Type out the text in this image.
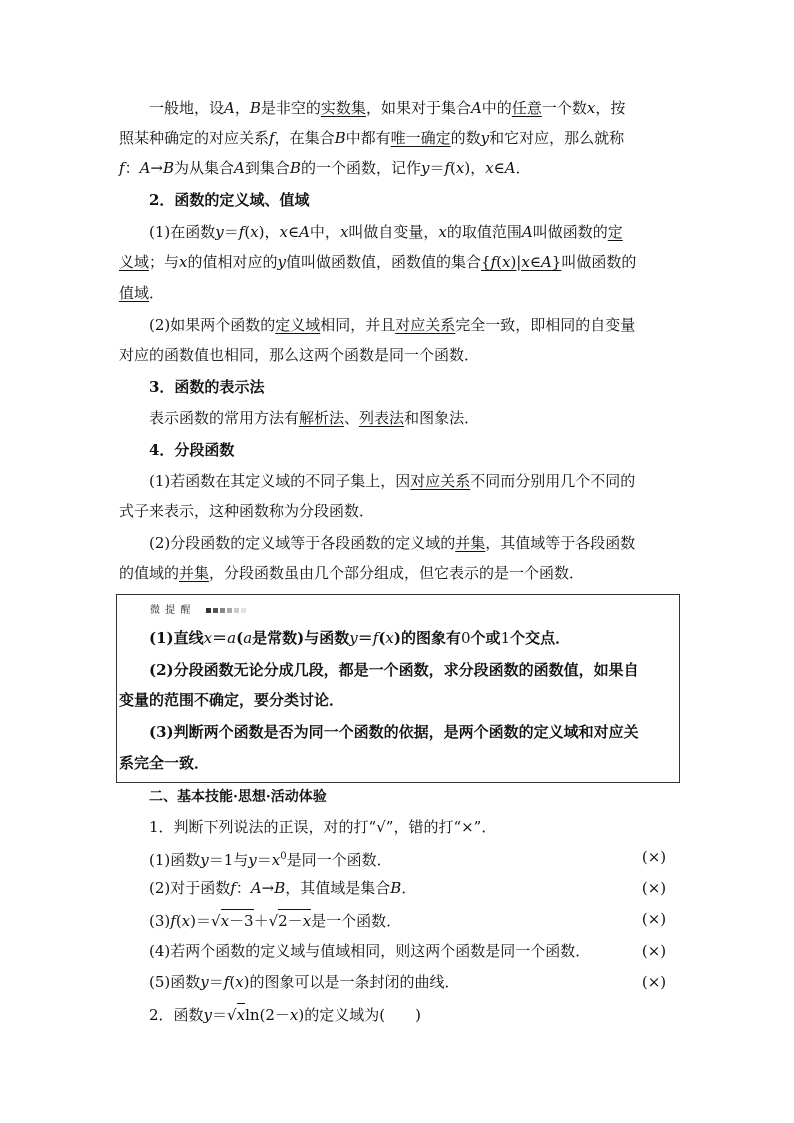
一般地，设A，B是非空的实数集，如果对于集合A中的任意一个数x，按
照某种确定的对应关系f，在集合B中都有唯一确定的数y和它对应，那么就称
f：A→B为从集合A到集合B的一个函数，记作y＝f(x)，x∈A．
2．函数的定义域、值域
(1)在函数y＝f(x)，x∈A中，x叫做自变量，x的取值范围A叫做函数的定
义域；与x的值相对应的y值叫做函数值，函数值的集合{f(x)|x∈A}叫做函数的
值域．
(2)如果两个函数的定义域相同，并且对应关系完全一致，即相同的自变量
对应的函数值也相同，那么这两个函数是同一个函数．
3．函数的表示法
表示函数的常用方法有解析法、列表法和图象法．
4．分段函数
(1)若函数在其定义域的不同子集上，因对应关系不同而分别用几个不同的
式子来表示，这种函数称为分段函数．
(2)分段函数的定义域等于各段函数的定义域的并集，其值域等于各段函数
的值域的并集，分段函数虽由几个部分组成，但它表示的是一个函数．
微 提 醒
(1)直线x＝a(a是常数)与函数y＝f(x)的图象有0个或1个交点．
(2)分段函数无论分成几段，都是一个函数，求分段函数的函数值，如果自
变量的范围不确定，要分类讨论．
(3)判断两个函数是否为同一个函数的依据，是两个函数的定义域和对应关
系完全一致．
二、基本技能·思想·活动体验
1．判断下列说法的正误，对的打“√”，错的打“×”．
(1)函数y＝1与$y=x^0$是同一个函数．	(×)
(2)对于函数f：A→B，其值域是集合B．	(×)
(3)f(x)＝√x－3＋√2－x是一个函数．	(×)
(4)若两个函数的定义域与值域相同，则这两个函数是同一个函数．	(×)
(5)函数y＝f(x)的图象可以是一条封闭的曲线．	(×)
2．函数y＝√xln(2－x)的定义域为(　　)
